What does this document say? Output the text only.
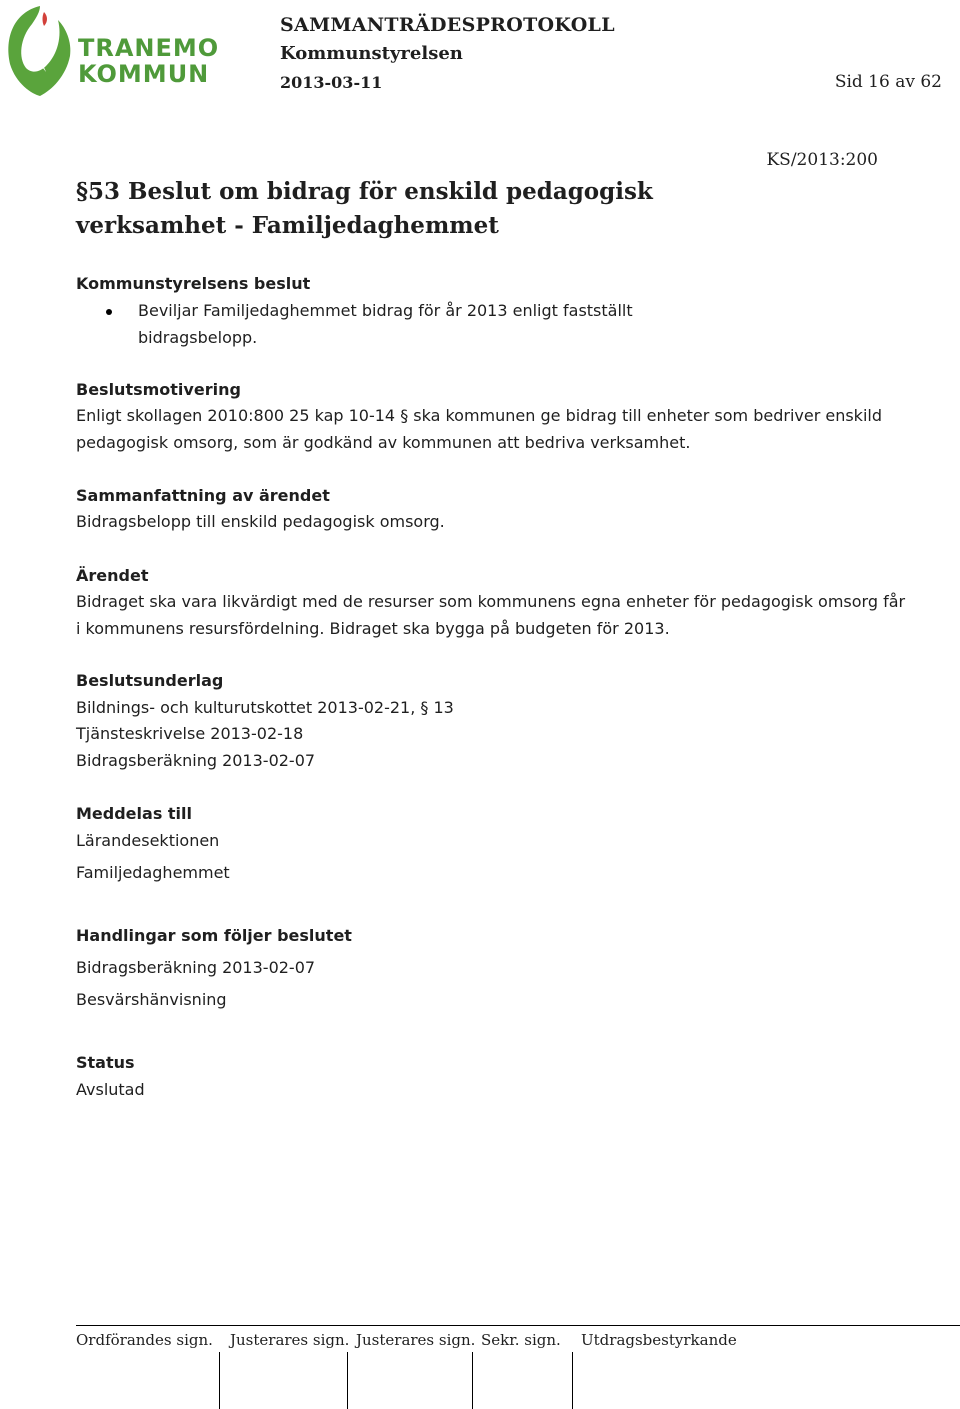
TRANEMO
KOMMUN
SAMMANTRÄDESPROTOKOLL
Kommunstyrelsen
2013-03-11	Sid 16 av 62
KS/2013:200
§53 Beslut om bidrag för enskild pedagogisk verksamhet - Familjedaghemmet
Kommunstyrelsens beslut
Beviljar Familjedaghemmet bidrag för år 2013 enligt fastställt bidragsbelopp.
Beslutsmotivering
Enligt skollagen 2010:800 25 kap 10-14 § ska kommunen ge bidrag till enheter som bedriver enskild pedagogisk omsorg, som är godkänd av kommunen att bedriva verksamhet.
Sammanfattning av ärendet
Bidragsbelopp till enskild pedagogisk omsorg.
Ärendet
Bidraget ska vara likvärdigt med de resurser som kommunens egna enheter för pedagogisk omsorg får i kommunens resursfördelning. Bidraget ska bygga på budgeten för 2013.
Beslutsunderlag
Bildnings- och kulturutskottet 2013-02-21, § 13
Tjänsteskrivelse 2013-02-18
Bidragsberäkning 2013-02-07
Meddelas till
Lärandesektionen
Familjedaghemmet
Handlingar som följer beslutet
Bidragsberäkning 2013-02-07
Besvärshänvisning
Status
Avslutad
Ordförandes sign. Justerares sign. Justerares sign. Sekr. sign. Utdragsbestyrkande
